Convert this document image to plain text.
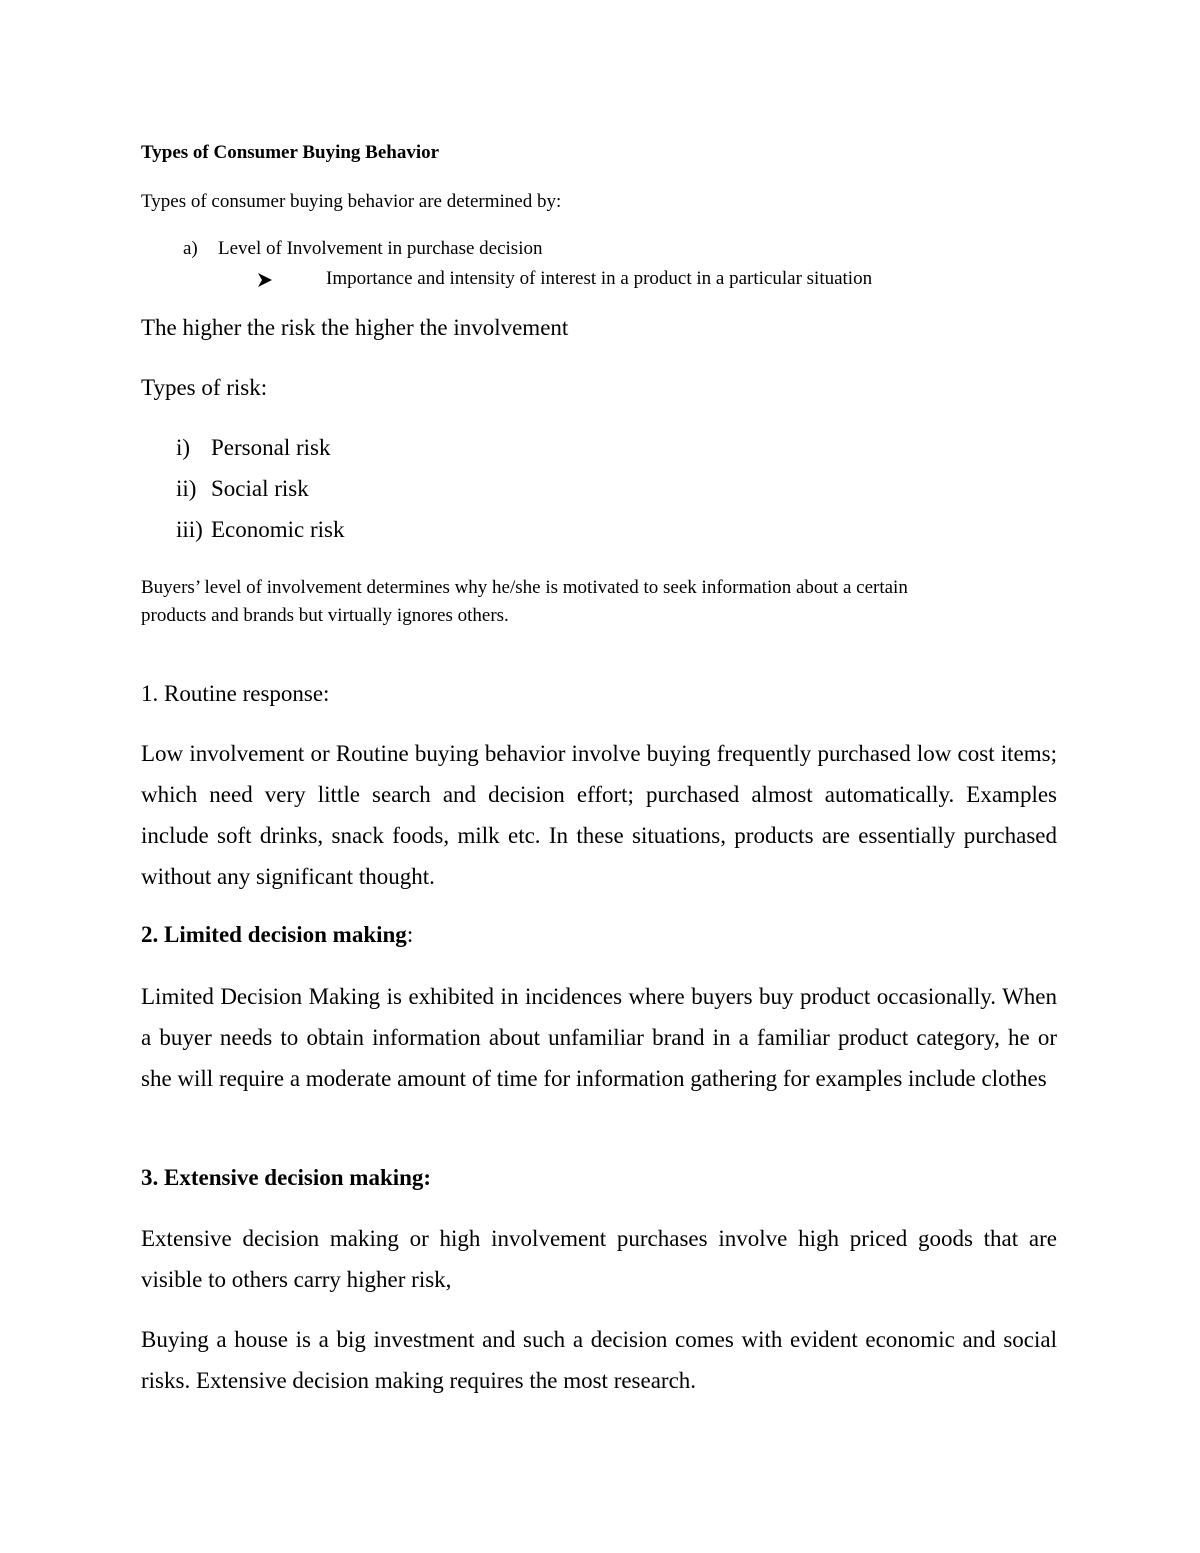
Types of Consumer Buying Behavior

Types of consumer buying behavior are determined by:

a) Level of Involvement in purchase decision
Importance and intensity of interest in a product in a particular situation

The higher the risk the higher the involvement

Types of risk:

i) Personal risk
ii) Social risk
iii) Economic risk

Buyers’ level of involvement determines why he/she is motivated to seek information about a certain

products and brands but virtually ignores others.

1. Routine response:

Low involvement or Routine buying behavior involve buying frequently purchased low cost items; which need very little search and decision effort; purchased almost automatically. Examples include soft drinks, snack foods, milk etc. In these situations, products are essentially purchased without any significant thought.

2. Limited decision making:

Limited Decision Making is exhibited in incidences where buyers buy product occasionally. When a buyer needs to obtain information about unfamiliar brand in a familiar product category, he or she will require a moderate amount of time for information gathering for examples include clothes

3. Extensive decision making:

Extensive decision making or high involvement purchases involve high priced goods that are visible to others carry higher risk,

Buying a house is a big investment and such a decision comes with evident economic and social risks. Extensive decision making requires the most research.
